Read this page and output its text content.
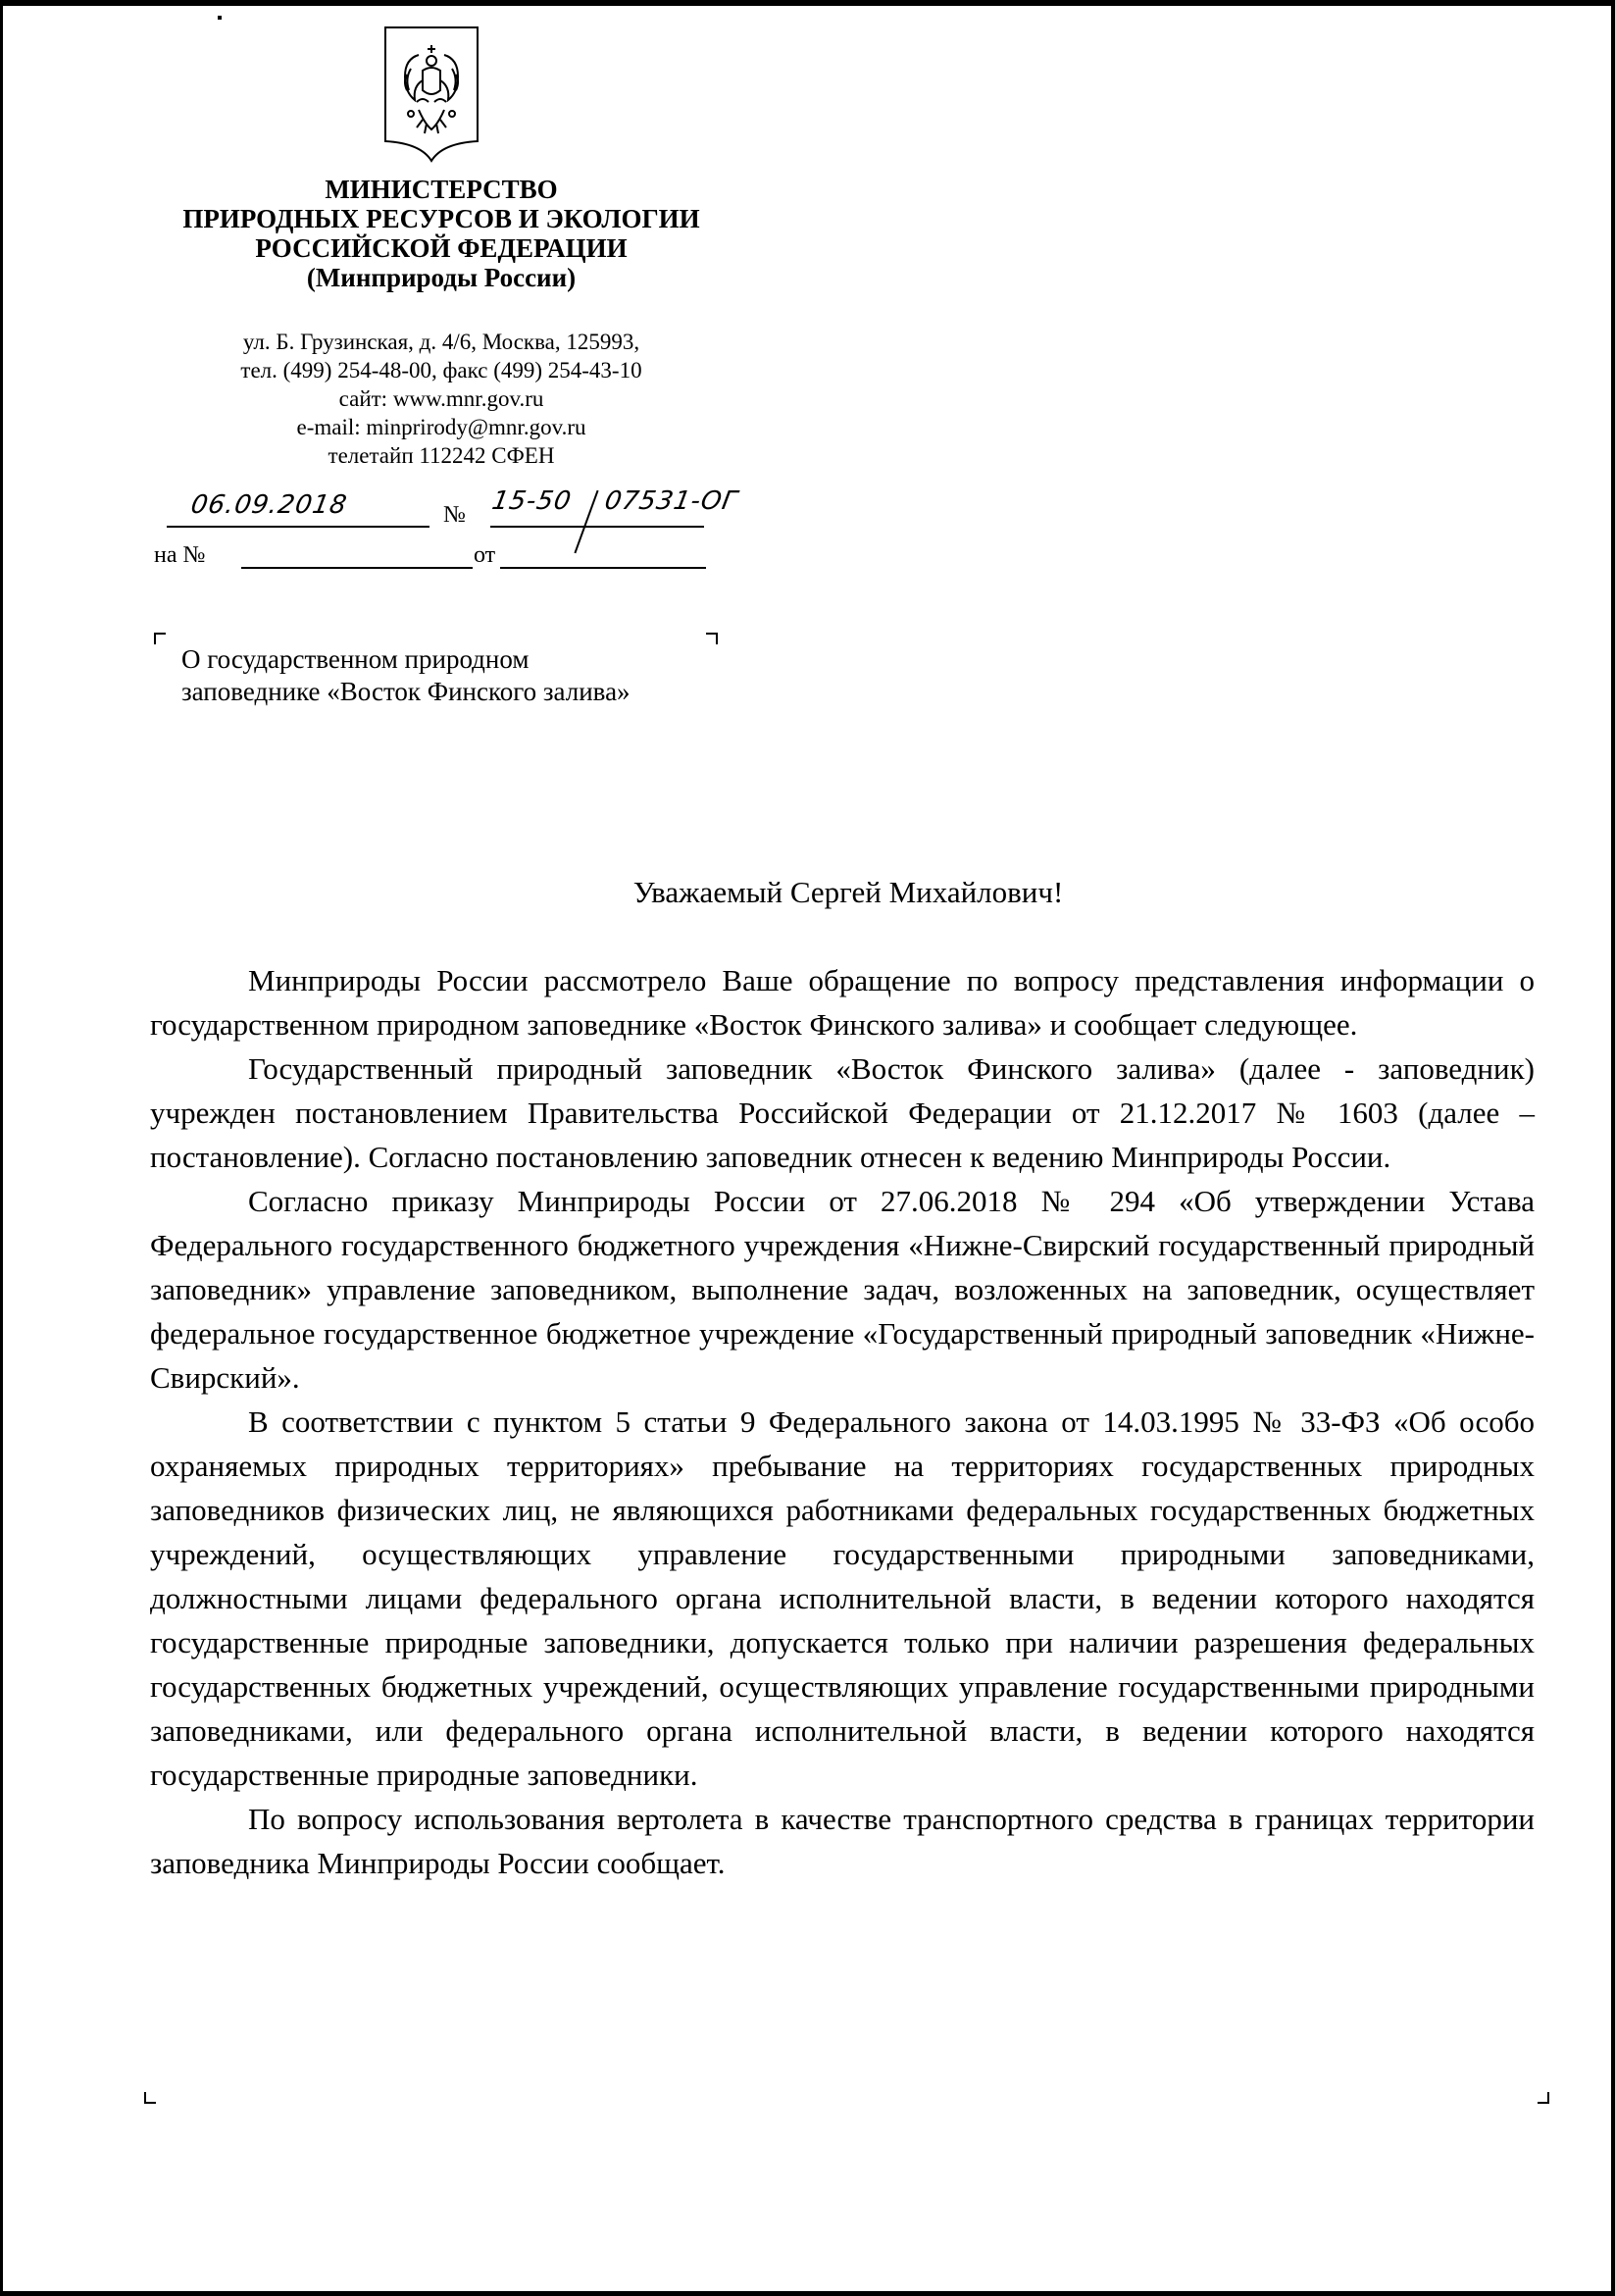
МИНИСТЕРСТВО
ПРИРОДНЫХ РЕСУРСОВ И ЭКОЛОГИИ
РОССИЙСКОЙ ФЕДЕРАЦИИ
(Минприроды России)
ул. Б. Грузинская, д. 4/6, Москва, 125993,
тел. (499) 254-48-00, факс (499) 254-43-10
сайт: www.mnr.gov.ru
e-mail: minprirody@mnr.gov.ru
телетайп 112242 СФЕН
06.09.2018	№ 15-50 07531-ОГ
на №	от
О государственном природном
заповеднике «Восток Финского залива»
Уважаемый Сергей Михайлович!

Минприроды России рассмотрело Ваше обращение по вопросу представления информации о государственном природном заповеднике «Восток Финского залива» и сообщает следующее.

Государственный природный заповедник «Восток Финского залива» (далее - заповедник) учрежден постановлением Правительства Российской Федерации от 21.12.2017 № 1603 (далее – постановление). Согласно постановлению заповедник отнесен к ведению Минприроды России.

Согласно приказу Минприроды России от 27.06.2018 № 294 «Об утверждении Устава Федерального государственного бюджетного учреждения «Нижне-Свирский государственный природный заповедник» управление заповедником, выполнение задач, возложенных на заповедник, осуществляет федеральное государственное бюджетное учреждение «Государственный природный заповедник «Нижне-Свирский».

В соответствии с пунктом 5 статьи 9 Федерального закона от 14.03.1995 № 33-ФЗ «Об особо охраняемых природных территориях» пребывание на территориях государственных природных заповедников физических лиц, не являющихся работниками федеральных государственных бюджетных учреждений, осуществляющих управление государственными природными заповедниками, должностными лицами федерального органа исполнительной власти, в ведении которого находятся государственные природные заповедники, допускается только при наличии разрешения федеральных государственных бюджетных учреждений, осуществляющих управление государственными природными заповедниками, или федерального органа исполнительной власти, в ведении которого находятся государственные природные заповедники.

По вопросу использования вертолета в качестве транспортного средства в границах территории заповедника Минприроды России сообщает.
